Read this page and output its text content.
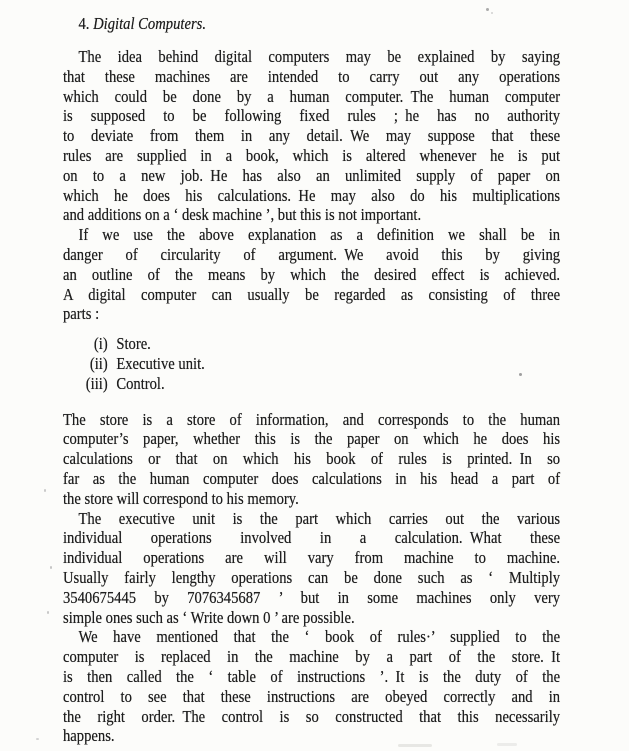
4. Digital Computers.
The idea behind digital computers may be explained by saying
that these machines are intended to carry out any operations
which could be done by a human computer. The human computer
is supposed to be following fixed rules ; he has no authority
to deviate from them in any detail. We may suppose that these
rules are supplied in a book, which is altered whenever he is put
on to a new job. He has also an unlimited supply of paper on
which he does his calculations. He may also do his multiplications
and additions on a ‘ desk machine ’, but this is not important.
If we use the above explanation as a definition we shall be in
danger of circularity of argument. We avoid this by giving
an outline of the means by which the desired effect is achieved.
A digital computer can usually be regarded as consisting of three
parts :
(i) Store.
(ii) Executive unit.
(iii) Control.
The store is a store of information, and corresponds to the human
computer’s paper, whether this is the paper on which he does his
calculations or that on which his book of rules is printed. In so
far as the human computer does calculations in his head a part of
the store will correspond to his memory.
The executive unit is the part which carries out the various
individual operations involved in a calculation. What these
individual operations are will vary from machine to machine.
Usually fairly lengthy operations can be done such as ‘ Multiply
3540675445 by 7076345687 ’ but in some machines only very
simple ones such as ‘ Write down 0 ’ are possible.
We have mentioned that the ‘ book of rules·’ supplied to the
computer is replaced in the machine by a part of the store. It
is then called the ‘ table of instructions ’. It is the duty of the
control to see that these instructions are obeyed correctly and in
the right order. The control is so constructed that this necessarily
happens.
